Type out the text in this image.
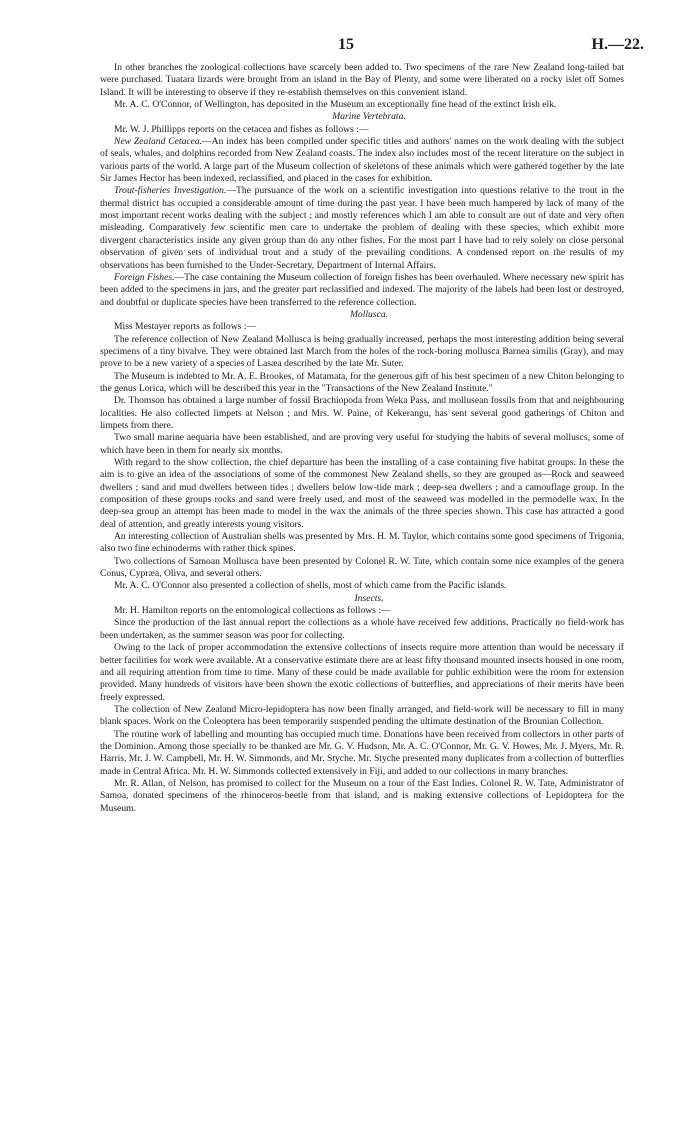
15	H.—22.

In other branches the zoological collections have scarcely been added to. Two specimens of the rare New Zealand long-tailed bat were purchased. Tuatara lizards were brought from an island in the Bay of Plenty, and some were liberated on a rocky islet off Somes Island. It will be interesting to observe if they re-establish themselves on this convenient island.

Mr. A. C. O'Connor, of Wellington, has deposited in the Museum an exceptionally fine head of the extinct Irish elk.

Marine Vertebrata.

Mr. W. J. Phillipps reports on the cetacea and fishes as follows :—

New Zealand Cetacea.—An index has been compiled under specific titles and authors' names on the work dealing with the subject of seals, whales, and dolphins recorded from New Zealand coasts. The index also includes most of the recent literature on the subject in various parts of the world. A large part of the Museum collection of skeletons of these animals which were gathered together by the late Sir James Hector has been indexed, reclassified, and placed in the cases for exhibition.

Trout-fisheries Investigation.—The pursuance of the work on a scientific investigation into questions relative to the trout in the thermal district has occupied a considerable amount of time during the past year. I have been much hampered by lack of many of the most important recent works dealing with the subject ; and mostly references which I am able to consult are out of date and very often misleading. Comparatively few scientific men care to undertake the problem of dealing with these species, which exhibit more divergent characteristics inside any given group than do any other fishes. For the most part I have had to rely solely on close personal observation of given sets of individual trout and a study of the prevailing conditions. A condensed report on the results of my observations has been furnished to the Under-Secretary, Department of Internal Affairs.

Foreign Fishes.—The case containing the Museum collection of foreign fishes has been overhauled. Where necessary new spirit has been added to the specimens in jars, and the greater part reclassified and indexed. The majority of the labels had been lost or destroyed, and doubtful or duplicate species have been transferred to the reference collection.

Mollusca.

Miss Mestayer reports as follows :—

The reference collection of New Zealand Mollusca is being gradually increased, perhaps the most interesting addition being several specimens of a tiny bivalve. They were obtained last March from the holes of the rock-boring mollusca Barnea similis (Gray), and may prove to be a new variety of a species of Lasæa described by the late Mr. Suter.

The Museum is indebted to Mr. A. E. Brookes, of Matamata, for the generous gift of his best specimen of a new Chiton belonging to the genus Lorica, which will be described this year in the "Transactions of the New Zealand Institute."

Dr. Thomson has obtained a large number of fossil Brachiopoda from Weka Pass, and mollusean fossils from that and neighbouring localities. He also collected limpets at Nelson ; and Mrs. W. Paine, of Kekerangu, has sent several good gatherings of Chiton and limpets from there.

Two small marine aequaria have been established, and are proving very useful for studying the habits of several molluscs, some of which have been in them for nearly six months.

With regard to the show collection, the chief departure has been the installing of a case containing five habitat groups. In these the aim is to give an idea of the associations of some of the commonest New Zealand shells, so they are grouped as—Rock and seaweed dwellers ; sand and mud dwellers between tides ; dwellers below low-tide mark ; deep-sea dwellers ; and a camouflage group. In the composition of these groups rocks and sand were freely used, and most of the seaweed was modelled in the permodelle wax. In the deep-sea group an attempt has been made to model in the wax the animals of the three species shown. This case has attracted a good deal of attention, and greatly interests young visitors.

An interesting collection of Australian shells was presented by Mrs. H. M. Taylor, which contains some good specimens of Trigonia, also two fine echinoderms with rather thick spines.

Two collections of Samoan Mollusca have been presented by Colonel R. W. Tate, which contain some nice examples of the genera Conus, Cypræa, Oliva, and several others.

Mr. A. C. O'Connor also presented a collection of shells, most of which came from the Pacific islands.

Insects.

Mr. H. Hamilton reports on the entomological collections as follows :—

Since the production of the last annual report the collections as a whole have received few additions. Practically no field-work has been undertaken, as the summer season was poor for collecting.

Owing to the lack of proper accommodation the extensive collections of insects require more attention than would be necessary if better facilities for work were available. At a conservative estimate there are at least fifty thousand mounted insects housed in one room, and all requiring attention from time to time. Many of these could be made available for public exhibition were the room for extension provided. Many hundreds of visitors have been shown the exotic collections of butterflies, and appreciations of their merits have been freely expressed.

The collection of New Zealand Micro-lepidoptera has now been finally arranged, and field-work will be necessary to fill in many blank spaces. Work on the Coleoptera has been temporarily suspended pending the ultimate destination of the Brounian Collection.

The routine work of labelling and mounting has occupied much time. Donations have been received from collectors in other parts of the Dominion. Among those specially to be thanked are Mr. G. V. Hudson, Mr. A. C. O'Connor, Mr. G. V. Howes, Mr. J. Myers, Mr. R. Harris, Mr. J. W. Campbell, Mr. H. W. Simmonds, and Mr. Styche. Mr. Styche presented many duplicates from a collection of butterflies made in Central Africa. Mr. H. W. Simmonds collected extensively in Fiji, and added to our collections in many branches.

Mr. R. Allan, of Nelson, has promised to collect for the Museum on a tour of the East Indies. Colonel R. W. Tate, Administrator of Samoa, donated specimens of the rhinoceros-beetle from that island, and is making extensive collections of Lepidoptera for the Museum.
